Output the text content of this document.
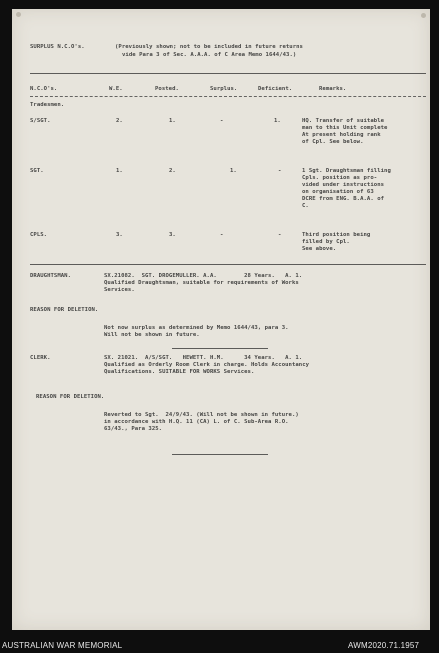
SURPLUS N.C.O's.	(Previously shown; not to be included in future returns
vide Para 3 of Sec. A.A.A. of C Area Memo 1644/43.)
N.C.O's.	W.E.	Posted.	Surplus.	Deficient.	Remarks.
Tradesmen.
S/SGT.	2.	1.	-	1.	HQ. Transfer of suitable
man to this Unit complete
At present holding rank
of Cpl. See below.
SGT.	1.	2.	1.	-	1 Sgt. Draughtsman filling
Cpls. position as pro-
vided under instructions
on organisation of 63
DCRE from ENG. B.A.A. of
C.
CPLS.	3.	3.	-	-	Third position being
filled by Cpl.
See above.
DRAUGHTSMAN.	SX.21082.  SGT. DROGEMULLER. A.A.        28 Years.   A. 1.
Qualified Draughtsman, suitable for requirements of Works
Services.
REASON FOR DELETION.
Not now surplus as determined by Memo 1644/43, para 3.
Will not be shown in future.
CLERK.	SX. 21021.  A/S/SGT.   HEWETT. H.M.      34 Years.   A. 1.
Qualified as Orderly Room Clerk in charge. Holds Accountancy
Qualifications. SUITABLE FOR WORKS Services.
REASON FOR DELETION.
Reverted to Sgt.  24/9/43. (Will not be shown in future.)
in accordance with H.Q. 11 (CA) L. of C. Sub-Area R.O.
63/43., Para 325.
AUSTRALIAN WAR MEMORIAL	AWM2020.71.1957
